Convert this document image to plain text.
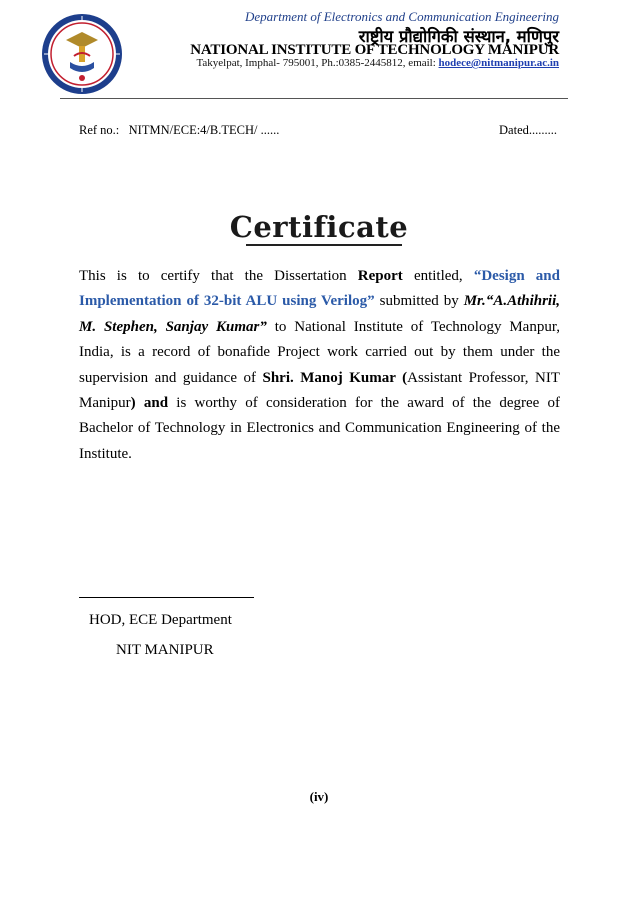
Department of Electronics and Communication Engineering
राष्ट्रीय प्रौद्योगिकी संस्थान, मणिपुर
NATIONAL INSTITUTE OF TECHNOLOGY MANIPUR
Takyelpat, Imphal- 795001, Ph.:0385-2445812, email: hodece@nitmanipur.ac.in
Ref no.: NITMN/ECE:4/B.TECH/ ......	Dated.........
Certificate
This is to certify that the Dissertation Report entitled, “Design and Implementation of 32-bit ALU using Verilog” submitted by Mr.“A.Athihrii, M. Stephen, Sanjay Kumar” to National Institute of Technology Manpur, India, is a record of bonafide Project work carried out by them under the supervision and guidance of Shri. Manoj Kumar (Assistant Professor, NIT Manipur) and is worthy of consideration for the award of the degree of Bachelor of Technology in Electronics and Communication Engineering of the Institute.
HOD, ECE Department
NIT MANIPUR
(iv)
